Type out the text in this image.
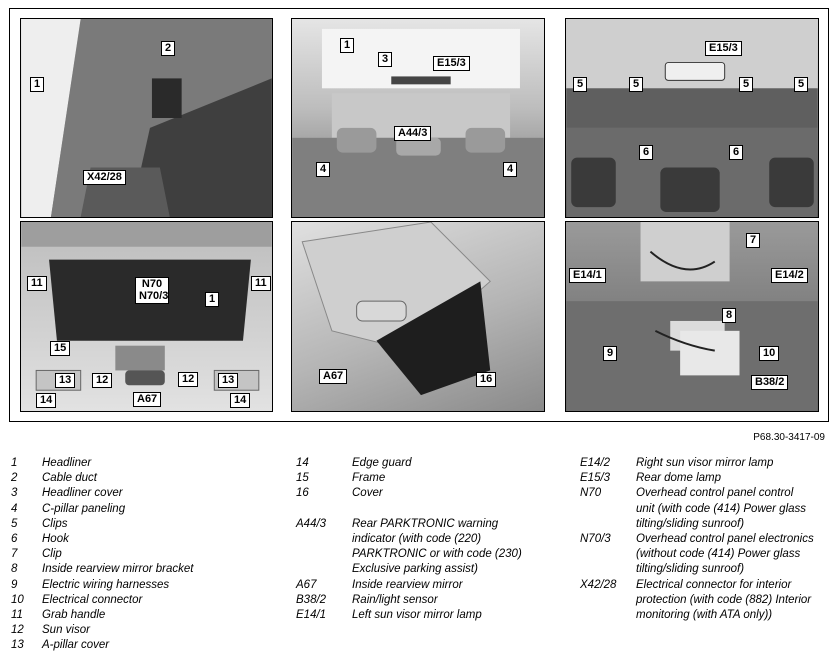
1
2
X42/28
1
3	E15/3
A44/3
4	4
E15/3
5	5	5	5
6	6
11	11
N70
N70/3	1
15
12	12
13	13
14	14
A67
A67	16
7
E14/1	E14/2
8
9	10
B38/2
P68.30-3417-09
1	Headliner
2	Cable duct
3	Headliner cover
4	C-pillar paneling
5	Clips
6	Hook
7	Clip
8	Inside rearview mirror bracket
9	Electric wiring harnesses
10	Electrical connector
11	Grab handle
12	Sun visor
13	A-pillar cover
14	Edge guard
15	Frame
16	Cover

A44/3	Rear PARKTRONIC warning
indicator (with code (220)
PARKTRONIC or with code (230)
Exclusive parking assist)
A67	Inside rearview mirror
B38/2	Rain/light sensor
E14/1	Left sun visor mirror lamp
E14/2	Right sun visor mirror lamp
E15/3	Rear dome lamp
N70	Overhead control panel control
unit (with code (414) Power glass
tilting/sliding sunroof)
N70/3	Overhead control panel electronics
(without code (414) Power glass
tilting/sliding sunroof)
X42/28	Electrical connector for interior
protection (with code (882) Interior
monitoring (with ATA only))
